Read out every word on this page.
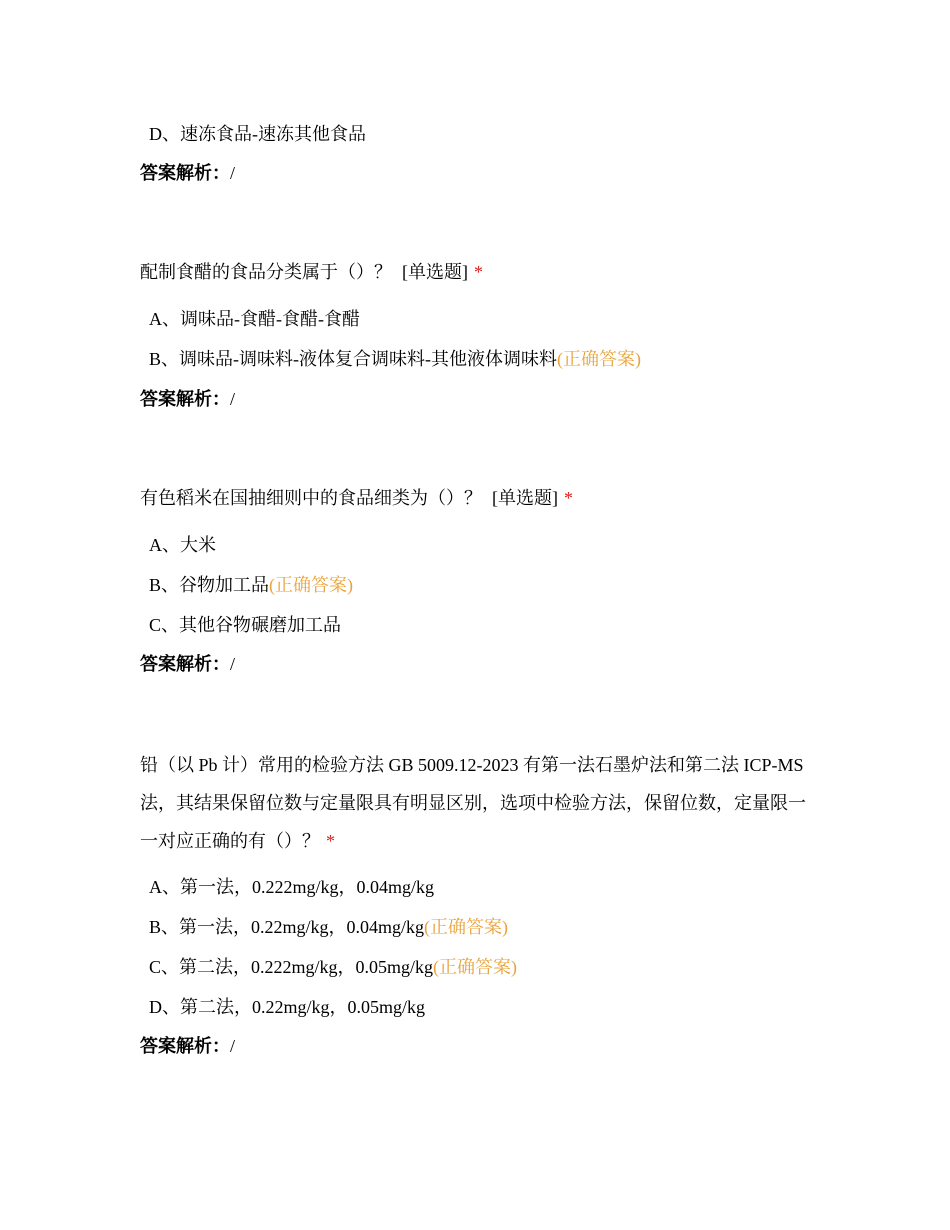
D、速冻食品-速冻其他食品
答案解析：/
配制食醋的食品分类属于（）？ [单选题] *
A、调味品-食醋-食醋-食醋
B、调味品-调味料-液体复合调味料-其他液体调味料(正确答案)
答案解析：/
有色稻米在国抽细则中的食品细类为（）？ [单选题] *
A、大米
B、谷物加工品(正确答案)
C、其他谷物碾磨加工品
答案解析：/
铅（以 Pb 计）常用的检验方法 GB 5009.12-2023 有第一法石墨炉法和第二法 ICP-MS 法，其结果保留位数与定量限具有明显区别，选项中检验方法，保留位数，定量限一一对应正确的有（）？ *
A、第一法，0.222mg/kg，0.04mg/kg
B、第一法，0.22mg/kg，0.04mg/kg(正确答案)
C、第二法，0.222mg/kg，0.05mg/kg(正确答案)
D、第二法，0.22mg/kg，0.05mg/kg
答案解析：/
